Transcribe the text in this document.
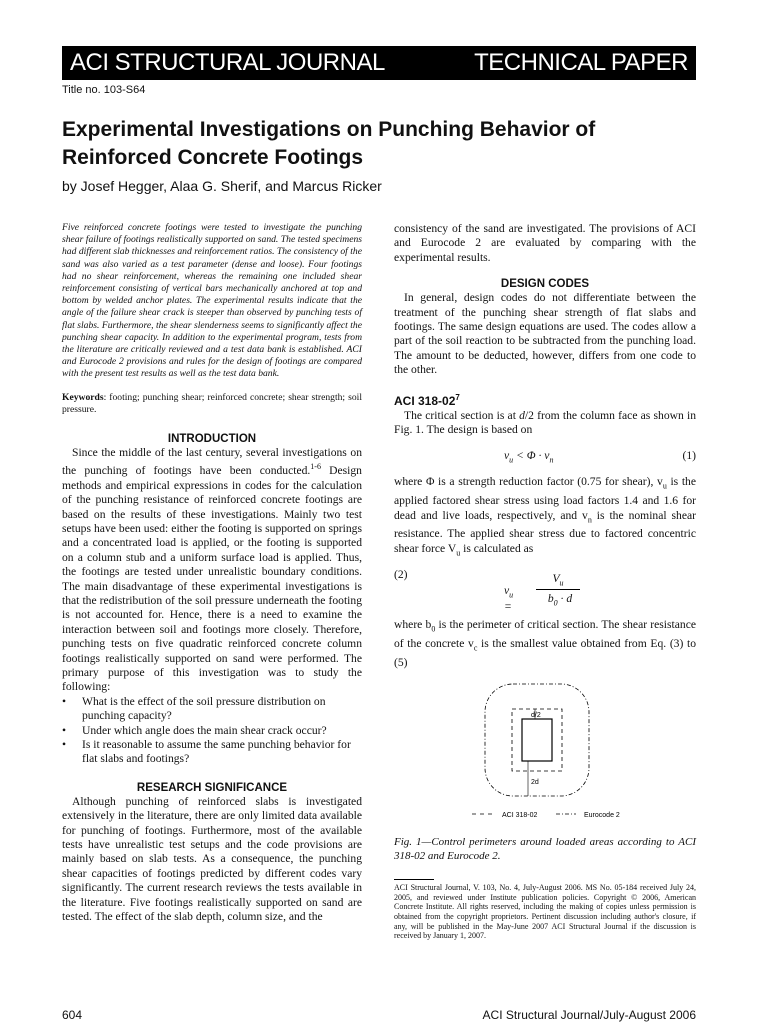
ACI STRUCTURAL JOURNAL	TECHNICAL PAPER
Title no. 103-S64
Experimental Investigations on Punching Behavior of Reinforced Concrete Footings
by Josef Hegger, Alaa G. Sherif, and Marcus Ricker

Five reinforced concrete footings were tested to investigate the punching shear failure of footings realistically supported on sand. The tested specimens had different slab thicknesses and reinforcement ratios. The consistency of the sand was also varied as a test parameter (dense and loose). Four footings had no shear reinforcement, whereas the remaining one included shear reinforcement consisting of vertical bars mechanically anchored at top and bottom by welded anchor plates. The experimental results indicate that the angle of the failure shear crack is steeper than observed by punching tests of flat slabs. Furthermore, the shear slenderness seems to significantly affect the punching shear capacity. In addition to the experimental program, tests from the literature are critically reviewed and a test data bank is established. ACI and Eurocode 2 provisions and rules for the design of footings are compared with the present test results as well as the test data bank.

Keywords: footing; punching shear; reinforced concrete; shear strength; soil pressure.

INTRODUCTION

Since the middle of the last century, several investigations on the punching of footings have been conducted.$^{1-6}$ Design methods and empirical expressions in codes for the calculation of the punching resistance of reinforced concrete footings are based on the results of these investigations. Mainly two test setups have been used: either the footing is supported on springs and a concentrated load is applied, or the footing is supported on a column stub and a uniform surface load is applied. Thus, the footings are tested under unrealistic boundary conditions. The main disadvantage of these experimental investigations is that the redistribution of the soil pressure underneath the footing is not accounted for. Hence, there is a need to examine the interaction between soil and footings more closely. Therefore, punching tests on five quadratic reinforced concrete column footings realistically supported on sand were performed. The primary purpose of this investigation was to study the following:

• What is the effect of the soil pressure distribution on punching capacity?
• Under which angle does the main shear crack occur?
• Is it reasonable to assume the same punching behavior for flat slabs and footings?
RESEARCH SIGNIFICANCE

Although punching of reinforced slabs is investigated extensively in the literature, there are only limited data available for punching of footings. Furthermore, most of the available tests have unrealistic test setups and the code provisions are mainly based on slab tests. As a consequence, the punching shear capacities of footings predicted by different codes vary significantly. The current research reviews the tests available in the literature. Five footings realistically supported on sand are tested. The effect of the slab depth, column size, and the

consistency of the sand are investigated. The provisions of ACI and Eurocode 2 are evaluated by comparing with the experimental results.

DESIGN CODES

In general, design codes do not differentiate between the treatment of the punching shear strength of flat slabs and footings. The same design equations are used. The codes allow a part of the soil reaction to be subtracted from the punching load. The amount to be deducted, however, differs from one code to the other.

ACI $318-02^7$

The critical section is at d/2 from the column face as shown in Fig. 1. The design is based on

$v_u < \Phi \cdot v_n$	(1)

where Φ is a strength reduction factor (0.75 for shear), $v_u$ is the applied factored shear stress using load factors 1.4 and 1.6 for dead and live loads, respectively, and $v_n$ is the nominal shear resistance. The applied shear stress due to factored concentric shear force $V_u$ is calculated as

$v_u$ =
$V_u$
$b_0 \cdot d$
(2)

where $b_0$ is the perimeter of critical section. The shear resistance of the concrete $v_c$ is the smallest value obtained from Eq. (3) to (5)

d/2
2d
ACI 318-02	Eurocode 2

Fig. 1—Control perimeters around loaded areas according to ACI 318-02 and Eurocode 2.

ACI Structural Journal, V. 103, No. 4, July-August 2006. MS No. 05-184 received July 24, 2005, and reviewed under Institute publication policies. Copyright © 2006, American Concrete Institute. All rights reserved, including the making of copies unless permission is obtained from the copyright proprietors. Pertinent discussion including author's closure, if any, will be published in the May-June 2007 ACI Structural Journal if the discussion is received by January 1, 2007.

604	ACI Structural Journal/July-August 2006
